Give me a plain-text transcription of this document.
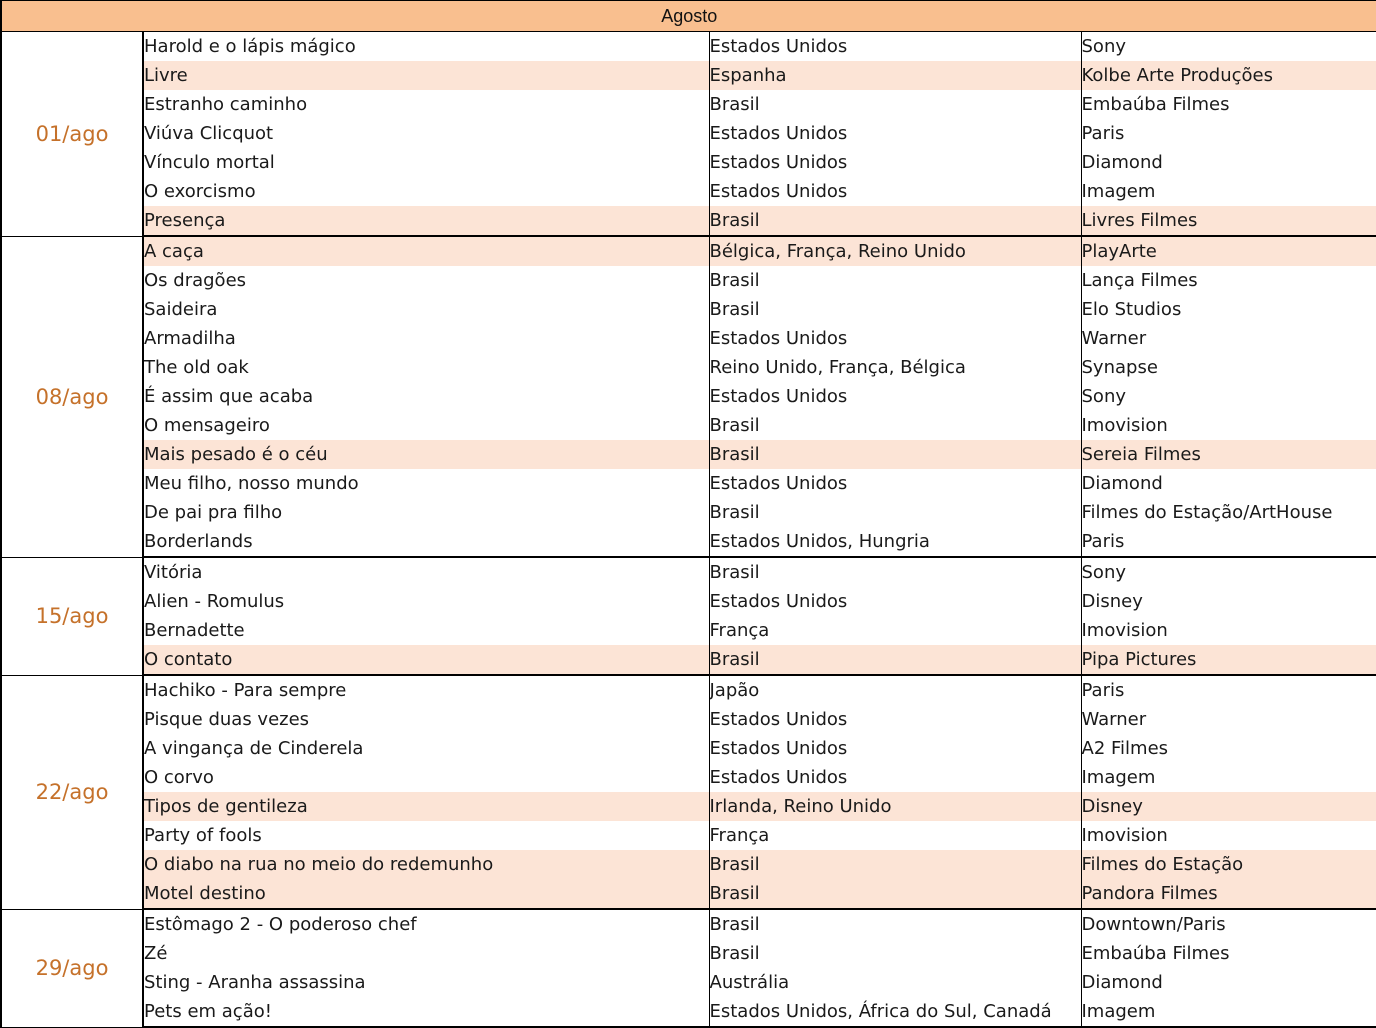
Agosto			
01/ago	Harold e o lápis mágico	Estados Unidos	Sony
	Livre	Espanha	Kolbe Arte Produções
	Estranho caminho	Brasil	Embaúba Filmes
	Viúva Clicquot	Estados Unidos	Paris
	Vínculo mortal	Estados Unidos	Diamond
	O exorcismo	Estados Unidos	Imagem
	Presença	Brasil	Livres Filmes
08/ago	A caça	Bélgica, França, Reino Unido	PlayArte
	Os dragões	Brasil	Lança Filmes
	Saideira	Brasil	Elo Studios
	Armadilha	Estados Unidos	Warner
	The old oak	Reino Unido, França, Bélgica	Synapse
	É assim que acaba	Estados Unidos	Sony
	O mensageiro	Brasil	Imovision
	Mais pesado é o céu	Brasil	Sereia Filmes
	Meu filho, nosso mundo	Estados Unidos	Diamond
	De pai pra filho	Brasil	Filmes do Estação/ArtHouse
	Borderlands	Estados Unidos, Hungria	Paris
15/ago	Vitória	Brasil	Sony
	Alien - Romulus	Estados Unidos	Disney
	Bernadette	França	Imovision
	O contato	Brasil	Pipa Pictures
22/ago	Hachiko - Para sempre	Japão	Paris
	Pisque duas vezes	Estados Unidos	Warner
	A vingança de Cinderela	Estados Unidos	A2 Filmes
	O corvo	Estados Unidos	Imagem
	Tipos de gentileza	Irlanda, Reino Unido	Disney
	Party of fools	França	Imovision
	O diabo na rua no meio do redemunho	Brasil	Filmes do Estação
	Motel destino	Brasil	Pandora Filmes
29/ago	Estômago 2 - O poderoso chef	Brasil	Downtown/Paris
	Zé	Brasil	Embaúba Filmes
	Sting - Aranha assassina	Austrália	Diamond
	Pets em ação!	Estados Unidos, África do Sul, Canadá	Imagem
